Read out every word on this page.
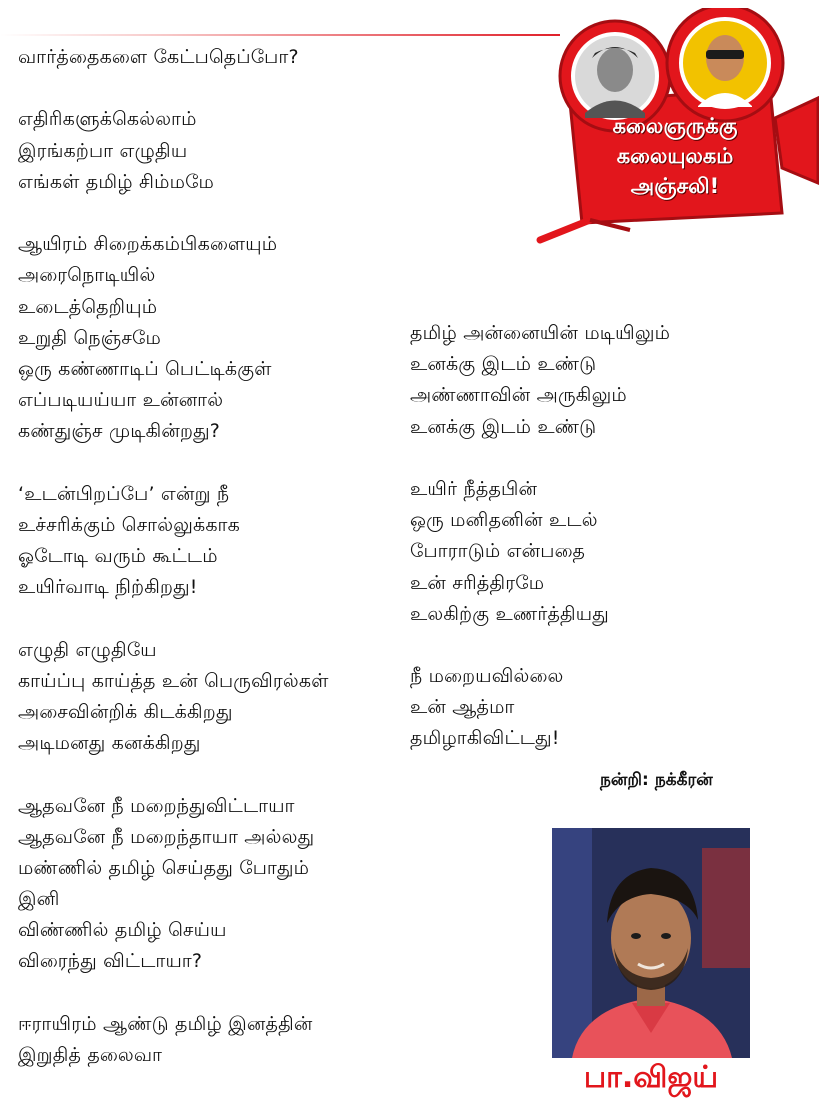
கலைஞருக்கு
கலையுலகம்
அஞ்சலி!
வார்த்தைகளை கேட்பதெப்போ?
எதிரிகளுக்கெல்லாம்
இரங்கற்பா எழுதிய
எங்கள் தமிழ் சிம்மமே
ஆயிரம் சிறைக்கம்பிகளையும்
அரைநொடியில்
உடைத்தெறியும்
உறுதி நெஞ்சமே
ஒரு கண்ணாடிப் பெட்டிக்குள்
எப்படியய்யா உன்னால்
கண்துஞ்ச முடிகின்றது?
‘உடன்பிறப்பே’ என்று நீ
உச்சரிக்கும் சொல்லுக்காக
ஓடோடி வரும் கூட்டம்
உயிர்வாடி நிற்கிறது!
எழுதி எழுதியே
காய்ப்பு காய்த்த உன் பெருவிரல்கள்
அசைவின்றிக் கிடக்கிறது
அடிமனது கனக்கிறது
ஆதவனே நீ மறைந்துவிட்டாயா
ஆதவனே நீ மறைந்தாயா அல்லது
மண்ணில் தமிழ் செய்தது போதும்
இனி
விண்ணில் தமிழ் செய்ய
விரைந்து விட்டாயா?
ஈராயிரம் ஆண்டு தமிழ் இனத்தின்
இறுதித் தலைவா
தமிழ் அன்னையின் மடியிலும்
உனக்கு இடம் உண்டு
அண்ணாவின் அருகிலும்
உனக்கு இடம் உண்டு
உயிர் நீத்தபின்
ஒரு மனிதனின் உடல்
போராடும் என்பதை
உன் சரித்திரமே
உலகிற்கு உணர்த்தியது
நீ மறையவில்லை
உன் ஆத்மா
தமிழாகிவிட்டது!
நன்றி: நக்கீரன்
பா.விஜய்
